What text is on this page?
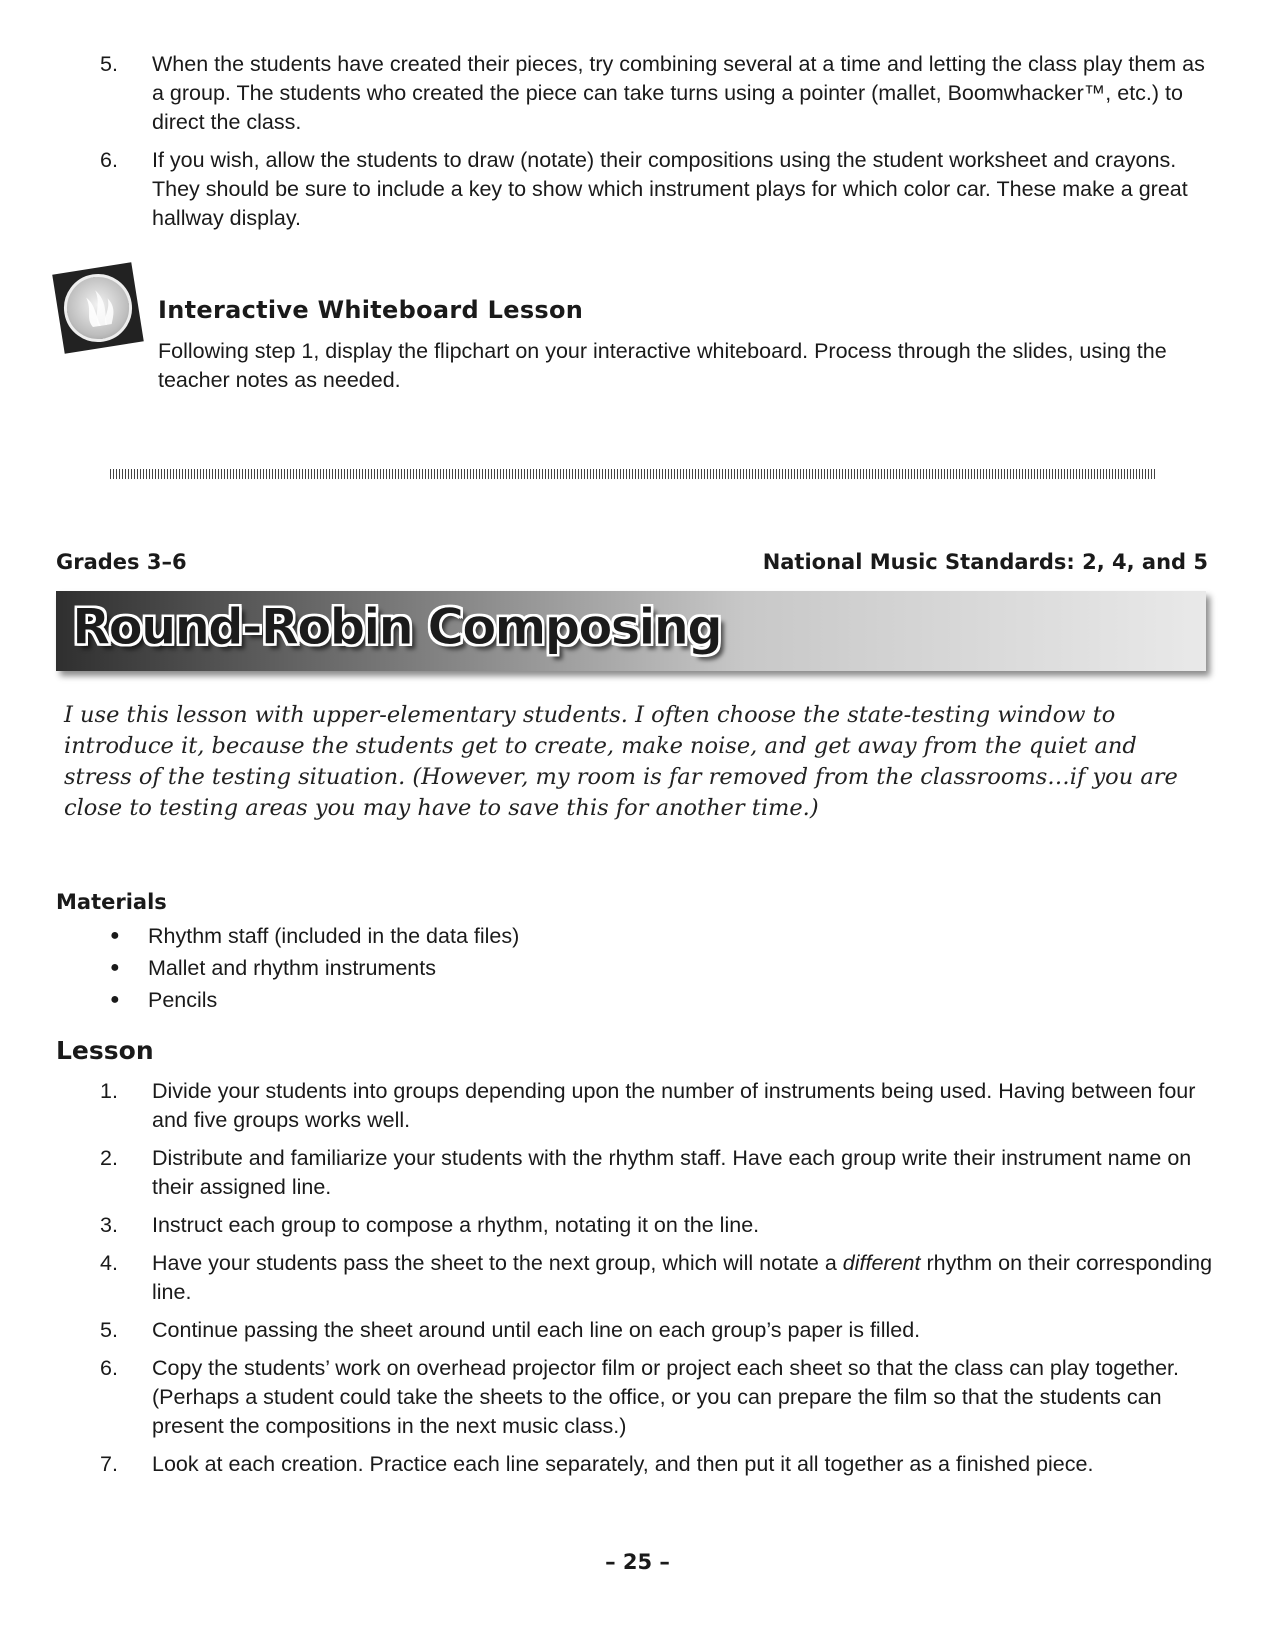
5.	When the students have created their pieces, try combining several at a time and letting the class play them as a group. The students who created the piece can take turns using a pointer (mallet, Boomwhacker™, etc.) to direct the class.
6.	If you wish, allow the students to draw (notate) their compositions using the student worksheet and crayons. They should be sure to include a key to show which instrument plays for which color car. These make a great hallway display.
Interactive Whiteboard Lesson
Following step 1, display the flipchart on your interactive whiteboard. Process through the slides, using the teacher notes as needed.
Grades 3–6	National Music Standards: 2, 4, and 5
Round-Robin Composing
I use this lesson with upper-elementary students. I often choose the state-testing window to introduce it, because the students get to create, make noise, and get away from the quiet and stress of the testing situation. (However, my room is far removed from the classrooms…if you are close to testing areas you may have to save this for another time.)
Materials
●	Rhythm staff (included in the data files)
●	Mallet and rhythm instruments
●	Pencils
Lesson
1.	Divide your students into groups depending upon the number of instruments being used. Having between four and five groups works well.
2.	Distribute and familiarize your students with the rhythm staff. Have each group write their instrument name on their assigned line.
3.	Instruct each group to compose a rhythm, notating it on the line.
4.	Have your students pass the sheet to the next group, which will notate a different rhythm on their corresponding line.
5.	Continue passing the sheet around until each line on each group’s paper is filled.
6.	Copy the students’ work on overhead projector film or project each sheet so that the class can play together. (Perhaps a student could take the sheets to the office, or you can prepare the film so that the students can present the compositions in the next music class.)
7.	Look at each creation. Practice each line separately, and then put it all together as a finished piece.
– 25 –
